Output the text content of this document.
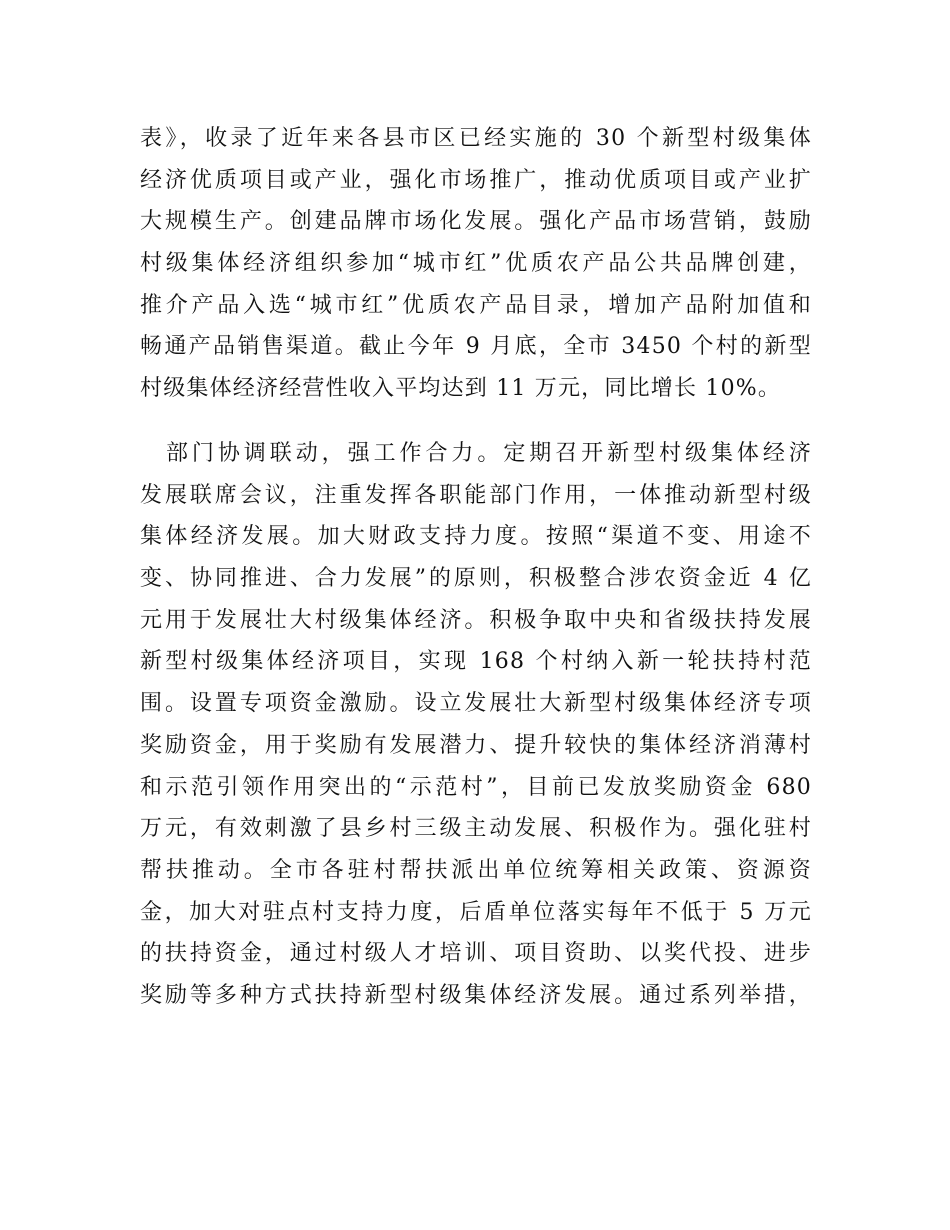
表》，收录了近年来各县市区已经实施的 30 个新型村级集体
经济优质项目或产业，强化市场推广，推动优质项目或产业扩
大规模生产。创建品牌市场化发展。强化产品市场营销，鼓励
村级集体经济组织参加“城市红”优质农产品公共品牌创建，
推介产品入选“城市红”优质农产品目录，增加产品附加值和
畅通产品销售渠道。截止今年 9 月底，全市 3450 个村的新型
村级集体经济经营性收入平均达到 11 万元，同比增长 10%。
　部门协调联动，强工作合力。定期召开新型村级集体经济
发展联席会议，注重发挥各职能部门作用，一体推动新型村级
集体经济发展。加大财政支持力度。按照“渠道不变、用途不
变、协同推进、合力发展”的原则，积极整合涉农资金近 4 亿
元用于发展壮大村级集体经济。积极争取中央和省级扶持发展
新型村级集体经济项目，实现 168 个村纳入新一轮扶持村范
围。设置专项资金激励。设立发展壮大新型村级集体经济专项
奖励资金，用于奖励有发展潜力、提升较快的集体经济消薄村
和示范引领作用突出的“示范村”，目前已发放奖励资金 680
万元，有效刺激了县乡村三级主动发展、积极作为。强化驻村
帮扶推动。全市各驻村帮扶派出单位统筹相关政策、资源资
金，加大对驻点村支持力度，后盾单位落实每年不低于 5 万元
的扶持资金，通过村级人才培训、项目资助、以奖代投、进步
奖励等多种方式扶持新型村级集体经济发展。通过系列举措，
